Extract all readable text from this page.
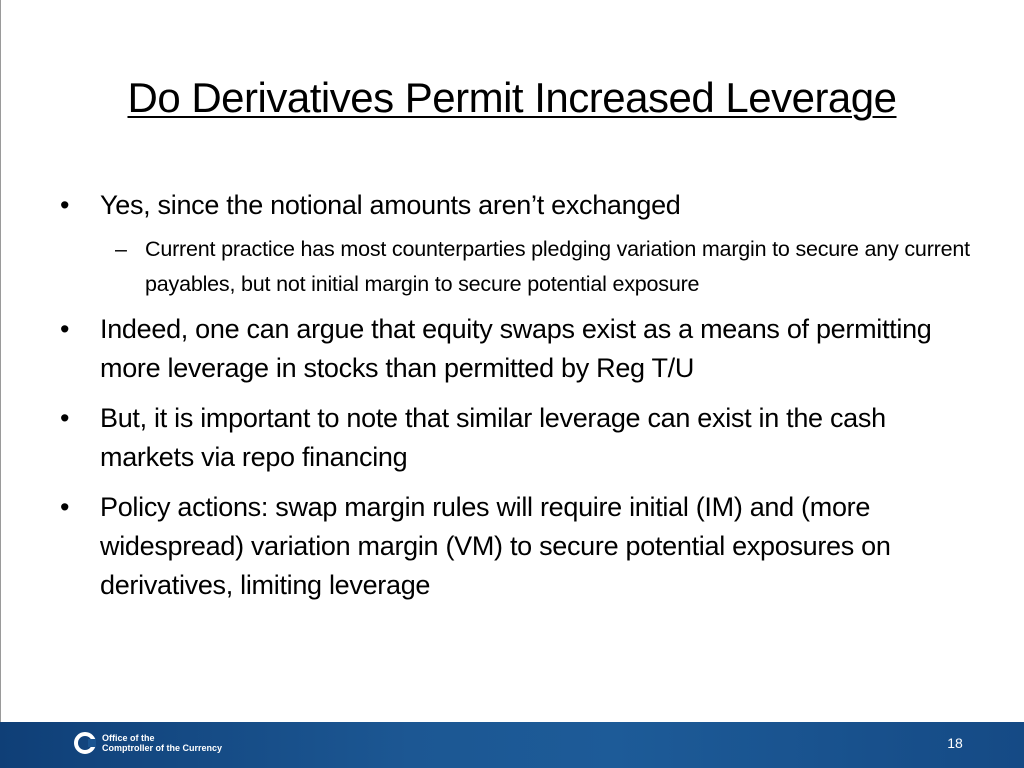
Do Derivatives Permit Increased Leverage
•	Yes, since the notional amounts aren’t exchanged
– Current practice has most counterparties pledging variation margin to secure any current payables, but not initial margin to secure potential exposure
•	Indeed, one can argue that equity swaps exist as a means of permitting more leverage in stocks than permitted by Reg T/U
•	But, it is important to note that similar leverage can exist in the cash markets via repo financing
•	Policy actions: swap margin rules will require initial (IM) and (more widespread) variation margin (VM) to secure potential exposures on derivatives, limiting leverage
Office of the
Comptroller of the Currency	18
